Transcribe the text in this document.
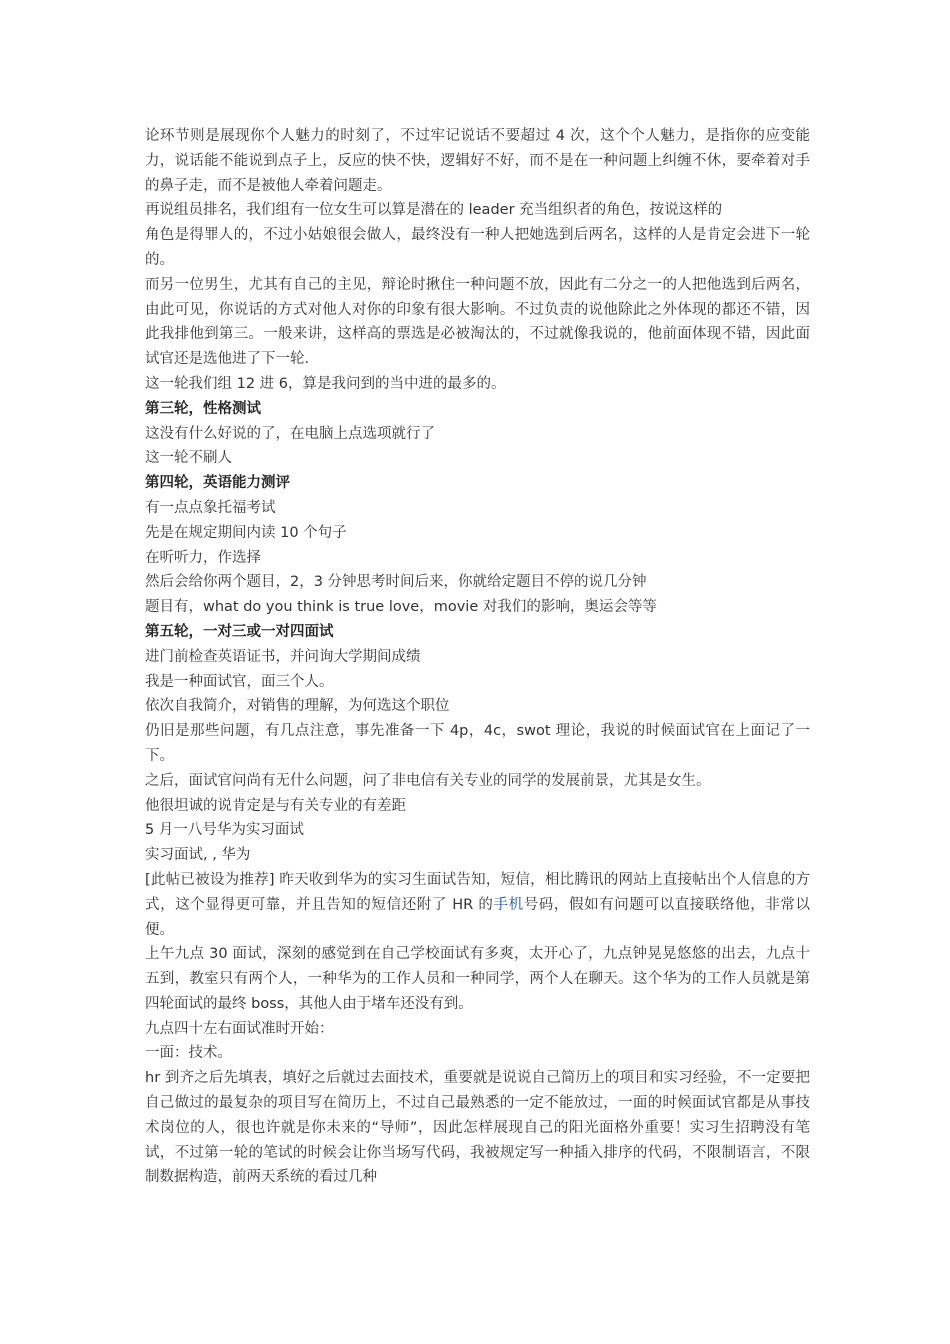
论环节则是展现你个人魅力的时刻了，不过牢记说话不要超过 4 次，这个个人魅力，是指你的应变能力，说话能不能说到点子上，反应的快不快，逻辑好不好，而不是在一种问题上纠缠不休，要牵着对手的鼻子走，而不是被他人牵着问题走。

再说组员排名，我们组有一位女生可以算是潜在的 leader 充当组织者的角色，按说这样的

角色是得罪人的，不过小姑娘很会做人，最终没有一种人把她选到后两名，这样的人是肯定会进下一轮的。

而另一位男生，尤其有自己的主见，辩论时揪住一种问题不放，因此有二分之一的人把他选到后两名，由此可见，你说话的方式对他人对你的印象有很大影响。不过负责的说他除此之外体现的都还不错，因此我排他到第三。一般来讲，这样高的票选是必被淘汰的，不过就像我说的，他前面体现不错，因此面试官还是选他进了下一轮.

这一轮我们组 12 进 6，算是我问到的当中进的最多的。

第三轮，性格测试

这没有什么好说的了，在电脑上点选项就行了

这一轮不刷人

第四轮，英语能力测评

有一点点象托福考试

先是在规定期间内读 10 个句子

在听听力，作选择

然后会给你两个题目，2，3 分钟思考时间后来，你就给定题目不停的说几分钟

题目有，what do you think is true love，movie 对我们的影响，奥运会等等

第五轮，一对三或一对四面试

进门前检查英语证书，并问询大学期间成绩

我是一种面试官，面三个人。

依次自我简介，对销售的理解，为何选这个职位

仍旧是那些问题，有几点注意，事先准备一下 4p，4c，swot 理论，我说的时候面试官在上面记了一下。

之后，面试官问尚有无什么问题，问了非电信有关专业的同学的发展前景，尤其是女生。

他很坦诚的说肯定是与有关专业的有差距

5 月一八号华为实习面试

实习面试, , 华为

[此帖已被设为推荐] 昨天收到华为的实习生面试告知，短信，相比腾讯的网站上直接帖出个人信息的方式，这个显得更可靠，并且告知的短信还附了 HR 的手机号码，假如有问题可以直接联络他，非常以便。

上午九点 30 面试，深刻的感觉到在自己学校面试有多爽，太开心了，九点钟晃晃悠悠的出去，九点十五到，教室只有两个人，一种华为的工作人员和一种同学，两个人在聊天。这个华为的工作人员就是第四轮面试的最终 boss，其他人由于堵车还没有到。

九点四十左右面试准时开始：

一面：技术。

hr 到齐之后先填表，填好之后就过去面技术，重要就是说说自己简历上的项目和实习经验，不一定要把自己做过的最复杂的项目写在简历上，不过自己最熟悉的一定不能放过，一面的时候面试官都是从事技术岗位的人，很也许就是你未来的“导师”，因此怎样展现自己的阳光面格外重要！实习生招聘没有笔试，不过第一轮的笔试的时候会让你当场写代码，我被规定写一种插入排序的代码，不限制语言，不限制数据构造，前两天系统的看过几种
